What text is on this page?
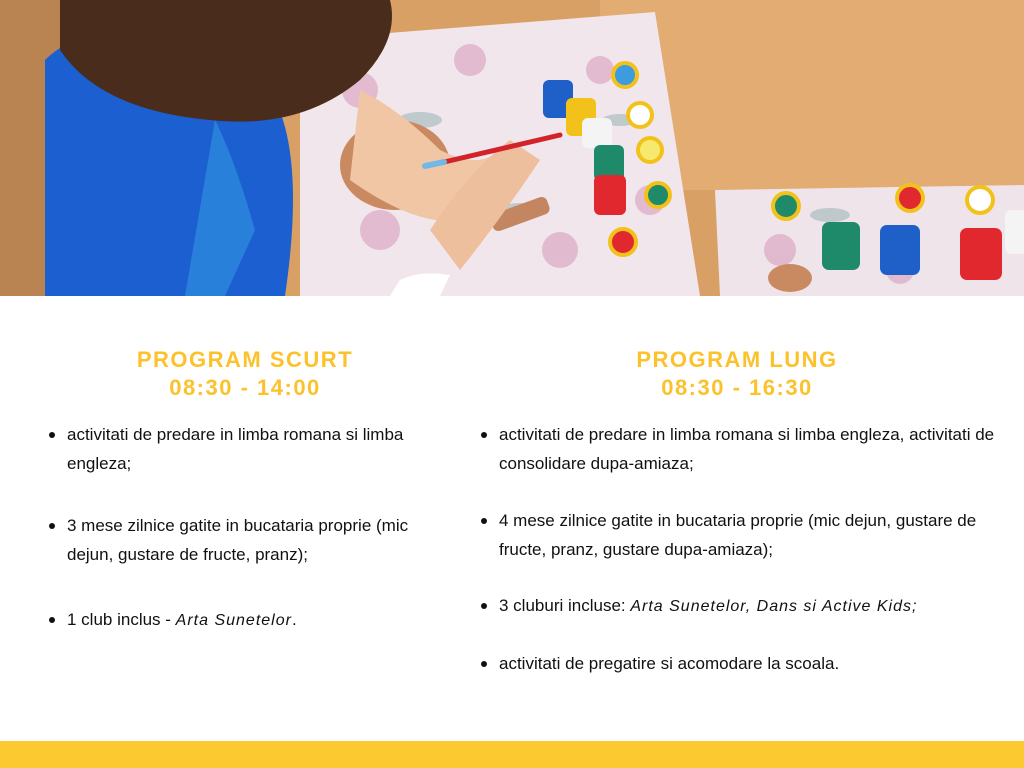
PROGRAM SCURT
08:30 - 14:00
activitati de predare in limba romana si limba engleza;
3 mese zilnice gatite in bucataria proprie (mic dejun, gustare de fructe, pranz);
1 club inclus - Arta Sunetelor.
PROGRAM LUNG
08:30 - 16:30
activitati de predare in limba romana si limba engleza, activitati de consolidare dupa-amiaza;
4 mese zilnice gatite in bucataria proprie (mic dejun, gustare de fructe, pranz, gustare dupa-amiaza);
3 cluburi incluse: Arta Sunetelor, Dans si Active Kids;
activitati de pregatire si acomodare la scoala.
